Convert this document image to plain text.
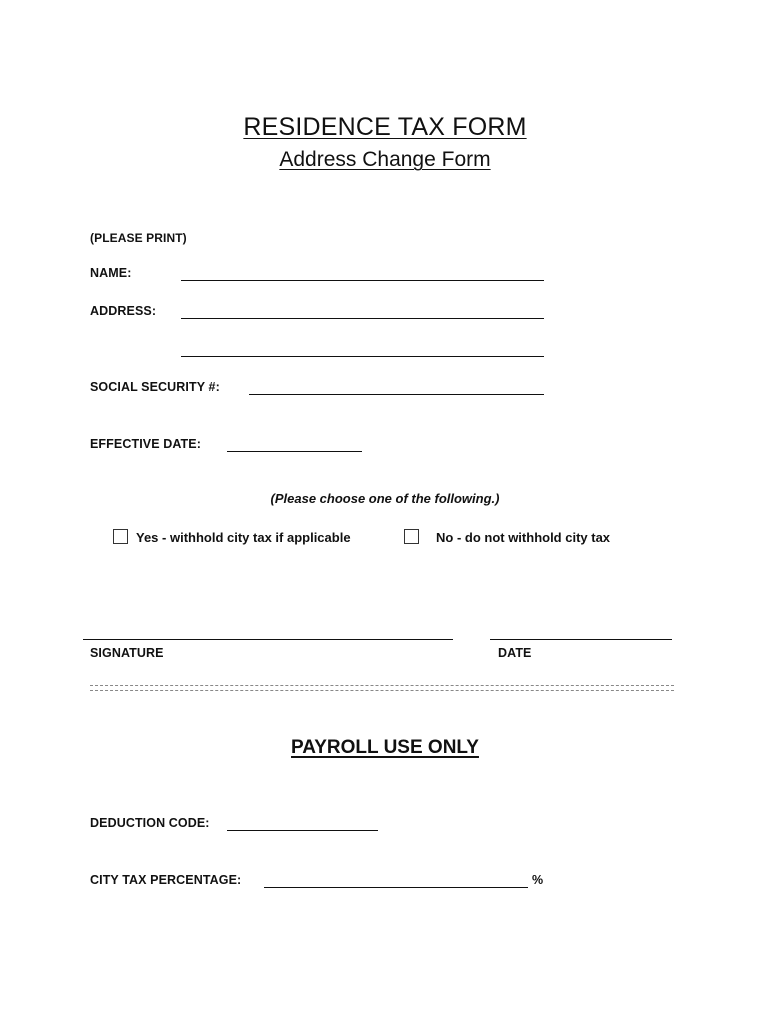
RESIDENCE TAX FORM
Address Change Form
(PLEASE PRINT)
NAME:
ADDRESS:
SOCIAL SECURITY #:
EFFECTIVE DATE:
(Please choose one of the following.)
Yes - withhold city tax if applicable	No - do not withhold city tax
SIGNATURE	DATE
PAYROLL USE ONLY
DEDUCTION CODE:
CITY TAX PERCENTAGE:	%
